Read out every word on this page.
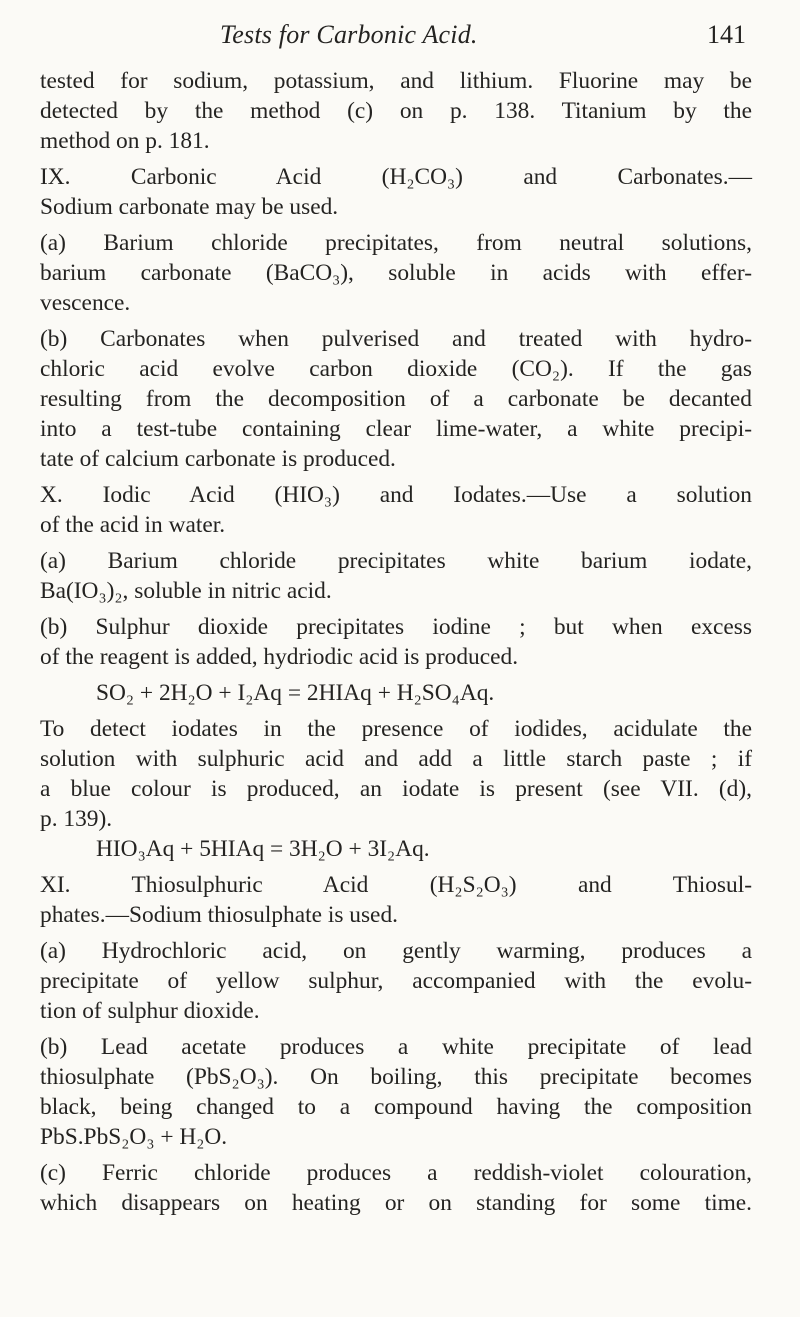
Tests for Carbonic Acid.	141
tested for sodium, potassium, and lithium. Fluorine may be
detected by the method (c) on p. 138. Titanium by the
method on p. 181.
IX. Carbonic Acid (H₂CO₃) and Carbonates.—
Sodium carbonate may be used.
(a) Barium chloride precipitates, from neutral solutions,
barium carbonate (BaCO₃), soluble in acids with effer-
vescence.
(b) Carbonates when pulverised and treated with hydro-
chloric acid evolve carbon dioxide (CO₂). If the gas
resulting from the decomposition of a carbonate be decanted
into a test-tube containing clear lime-water, a white precipi-
tate of calcium carbonate is produced.
X. Iodic Acid (HIO₃) and Iodates.—Use a solution
of the acid in water.
(a) Barium chloride precipitates white barium iodate,
Ba(IO₃)₂, soluble in nitric acid.
(b) Sulphur dioxide precipitates iodine ; but when excess
of the reagent is added, hydriodic acid is produced.
SO₂ + 2H₂O + I₂Aq = 2HIAq + H₂SO₄Aq.
To detect iodates in the presence of iodides, acidulate the
solution with sulphuric acid and add a little starch paste ; if
a blue colour is produced, an iodate is present (see VII. (d),
p. 139).
HIO₃Aq + 5HIAq = 3H₂O + 3I₂Aq.
XI. Thiosulphuric Acid (H₂S₂O₃) and Thiosul-
phates.—Sodium thiosulphate is used.
(a) Hydrochloric acid, on gently warming, produces a
precipitate of yellow sulphur, accompanied with the evolu-
tion of sulphur dioxide.
(b) Lead acetate produces a white precipitate of lead
thiosulphate (PbS₂O₃). On boiling, this precipitate becomes
black, being changed to a compound having the composition
PbS.PbS₂O₃ + H₂O.
(c) Ferric chloride produces a reddish-violet colouration,
which disappears on heating or on standing for some time.
